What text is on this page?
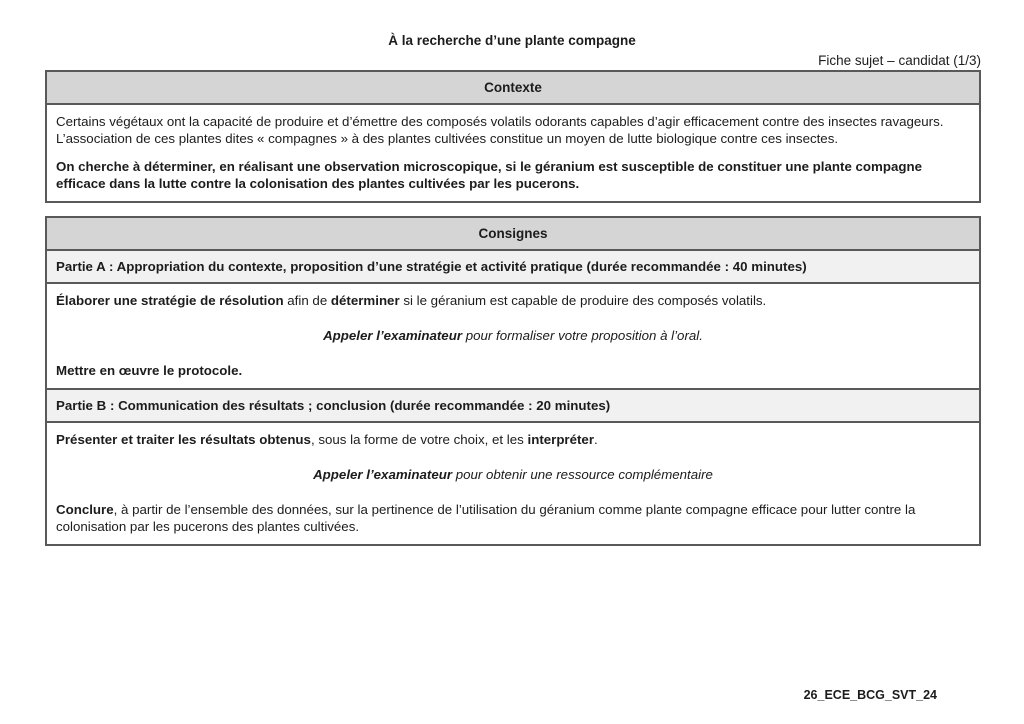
À la recherche d’une plante compagne
Fiche sujet – candidat (1/3)
Contexte

Certains végétaux ont la capacité de produire et d’émettre des composés volatils odorants capables d’agir efficacement contre des insectes ravageurs. L’association de ces plantes dites « compagnes » à des plantes cultivées constitue un moyen de lutte biologique contre ces insectes.

On cherche à déterminer, en réalisant une observation microscopique, si le géranium est susceptible de constituer une plante compagne efficace dans la lutte contre la colonisation des plantes cultivées par les pucerons.

Consignes
Partie A : Appropriation du contexte, proposition d’une stratégie et activité pratique (durée recommandée : 40 minutes)

Élaborer une stratégie de résolution afin de déterminer si le géranium est capable de produire des composés volatils.

Appeler l’examinateur pour formaliser votre proposition à l’oral.

Mettre en œuvre le protocole.

Partie B : Communication des résultats ; conclusion (durée recommandée : 20 minutes)

Présenter et traiter les résultats obtenus, sous la forme de votre choix, et les interpréter.

Appeler l’examinateur pour obtenir une ressource complémentaire

Conclure, à partir de l’ensemble des données, sur la pertinence de l’utilisation du géranium comme plante compagne efficace pour lutter contre la colonisation par les pucerons des plantes cultivées.

26_ECE_BCG_SVT_24
